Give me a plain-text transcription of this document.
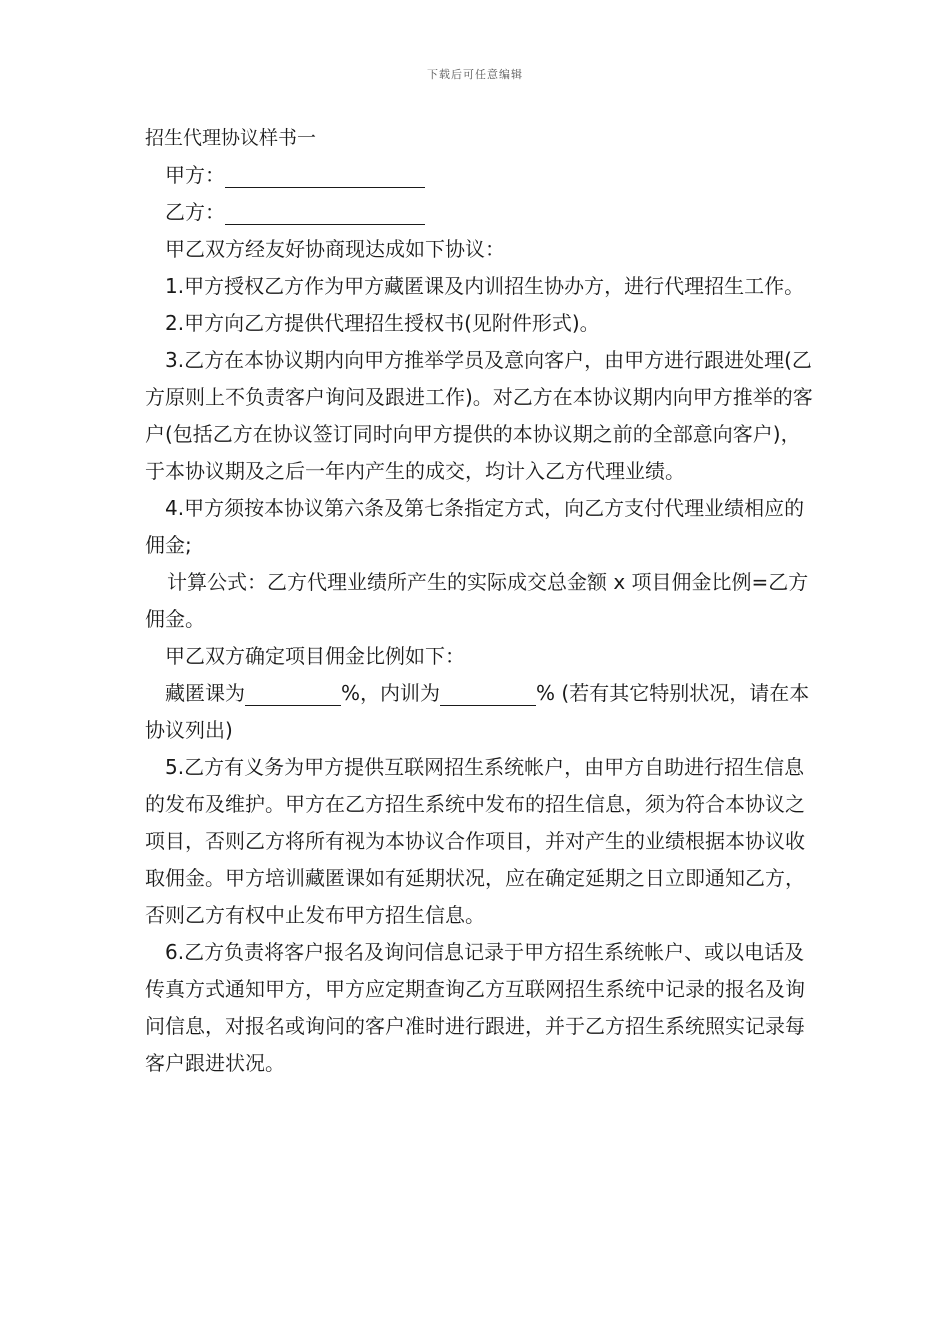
下载后可任意编辑

招生代理协议样书一

甲方：

乙方：

甲乙双方经友好协商现达成如下协议：

1.甲方授权乙方作为甲方藏匿课及内训招生协办方，进行代理招生工作。

2.甲方向乙方提供代理招生授权书(见附件形式)。

3.乙方在本协议期内向甲方推举学员及意向客户，由甲方进行跟进处理(乙方原则上不负责客户询问及跟进工作)。对乙方在本协议期内向甲方推举的客户(包括乙方在协议签订同时向甲方提供的本协议期之前的全部意向客户)，于本协议期及之后一年内产生的成交，均计入乙方代理业绩。

4.甲方须按本协议第六条及第七条指定方式，向乙方支付代理业绩相应的佣金;

计算公式：乙方代理业绩所产生的实际成交总金额 x 项目佣金比例=乙方佣金。

甲乙双方确定项目佣金比例如下：

藏匿课为	%，内训为	% (若有其它特别状况，请在本协议列出)

5.乙方有义务为甲方提供互联网招生系统帐户，由甲方自助进行招生信息的发布及维护。甲方在乙方招生系统中发布的招生信息，须为符合本协议之项目，否则乙方将所有视为本协议合作项目，并对产生的业绩根据本协议收取佣金。甲方培训藏匿课如有延期状况，应在确定延期之日立即通知乙方，否则乙方有权中止发布甲方招生信息。

6.乙方负责将客户报名及询问信息记录于甲方招生系统帐户、或以电话及传真方式通知甲方，甲方应定期查询乙方互联网招生系统中记录的报名及询问信息，对报名或询问的客户准时进行跟进，并于乙方招生系统照实记录每客户跟进状况。
